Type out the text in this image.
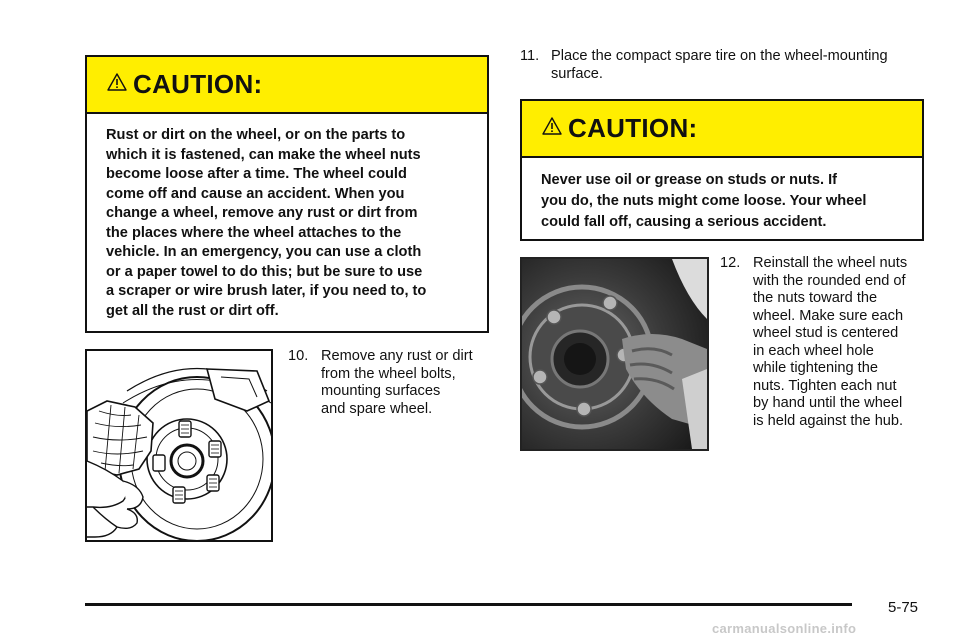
CAUTION:
Rust or dirt on the wheel, or on the parts to
which it is fastened, can make the wheel nuts
become loose after a time. The wheel could
come off and cause an accident. When you
change a wheel, remove any rust or dirt from
the places where the wheel attaches to the
vehicle. In an emergency, you can use a cloth
or a paper towel to do this; but be sure to use
a scraper or wire brush later, if you need to, to
get all the rust or dirt off.
11. Place the compact spare tire on the wheel-mounting
surface.
CAUTION:
Never use oil or grease on studs or nuts. If
you do, the nuts might come loose. Your wheel
could fall off, causing a serious accident.
10. Remove any rust or dirt
from the wheel bolts,
mounting surfaces
and spare wheel.
12. Reinstall the wheel nuts
with the rounded end of
the nuts toward the
wheel. Make sure each
wheel stud is centered
in each wheel hole
while tightening the
nuts. Tighten each nut
by hand until the wheel
is held against the hub.
5-75
carmanualsonline.info
